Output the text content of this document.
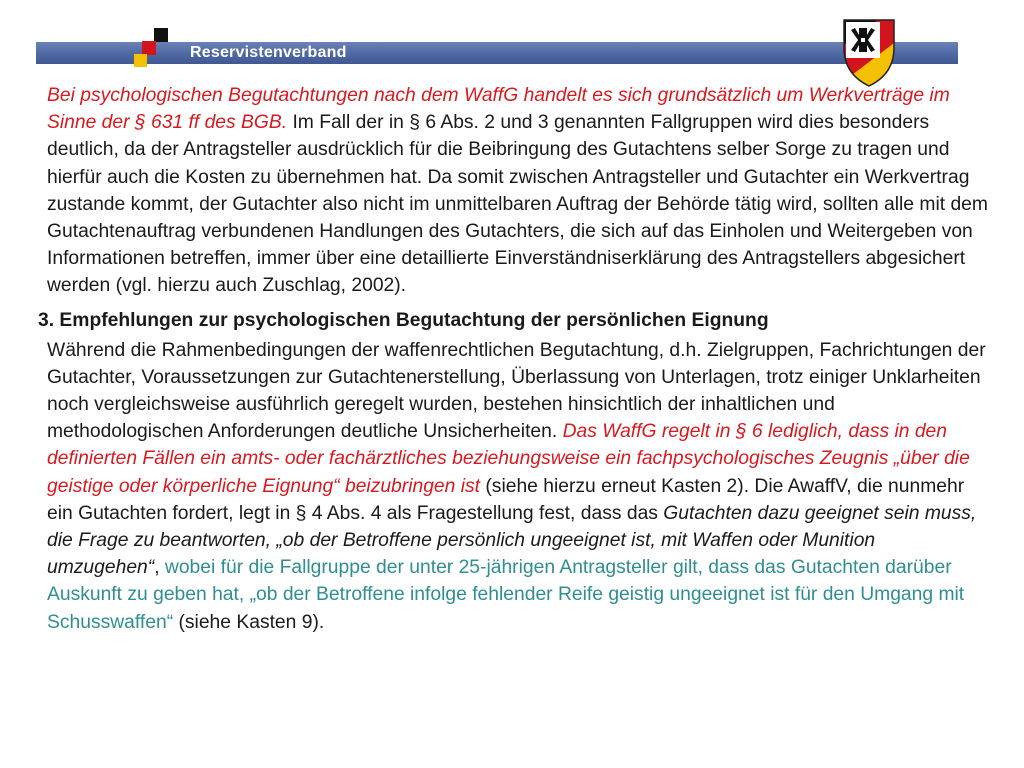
Reservistenverband

Bei psychologischen Begutachtungen nach dem WaffG handelt es sich grundsätzlich um Werkverträge im Sinne der § 631 ff des BGB. Im Fall der in § 6 Abs. 2 und 3 genannten Fallgruppen wird dies besonders deutlich, da der Antragsteller ausdrücklich für die Beibringung des Gutachtens selber Sorge zu tragen und hierfür auch die Kosten zu übernehmen hat. Da somit zwischen Antragsteller und Gutachter ein Werkvertrag zustande kommt, der Gutachter also nicht im unmittelbaren Auftrag der Behörde tätig wird, sollten alle mit dem Gutachtenauftrag verbundenen Handlungen des Gutachters, die sich auf das Einholen und Weitergeben von Informationen betreffen, immer über eine detaillierte Einverständniserklärung des Antragstellers abgesichert werden (vgl. hierzu auch Zuschlag, 2002).

3. Empfehlungen zur psychologischen Begutachtung der persönlichen Eignung

Während die Rahmenbedingungen der waffenrechtlichen Begutachtung, d.h. Zielgruppen, Fachrichtungen der Gutachter, Voraussetzungen zur Gutachtenerstellung, Überlassung von Unterlagen, trotz einiger Unklarheiten noch vergleichsweise ausführlich geregelt wurden, bestehen hinsichtlich der inhaltlichen und methodologischen Anforderungen deutliche Unsicherheiten. Das WaffG regelt in § 6 lediglich, dass in den definierten Fällen ein amts- oder fachärztliches beziehungsweise ein fachpsychologisches Zeugnis „über die geistige oder körperliche Eignung“ beizubringen ist (siehe hierzu erneut Kasten 2). Die AwaffV, die nunmehr ein Gutachten fordert, legt in § 4 Abs. 4 als Fragestellung fest, dass das Gutachten dazu geeignet sein muss, die Frage zu beantworten, „ob der Betroffene persönlich ungeeignet ist, mit Waffen oder Munition umzugehen“, wobei für die Fallgruppe der unter 25-jährigen Antragsteller gilt, dass das Gutachten darüber Auskunft zu geben hat, „ob der Betroffene infolge fehlender Reife geistig ungeeignet ist für den Umgang mit Schusswaffen“ (siehe Kasten 9).
